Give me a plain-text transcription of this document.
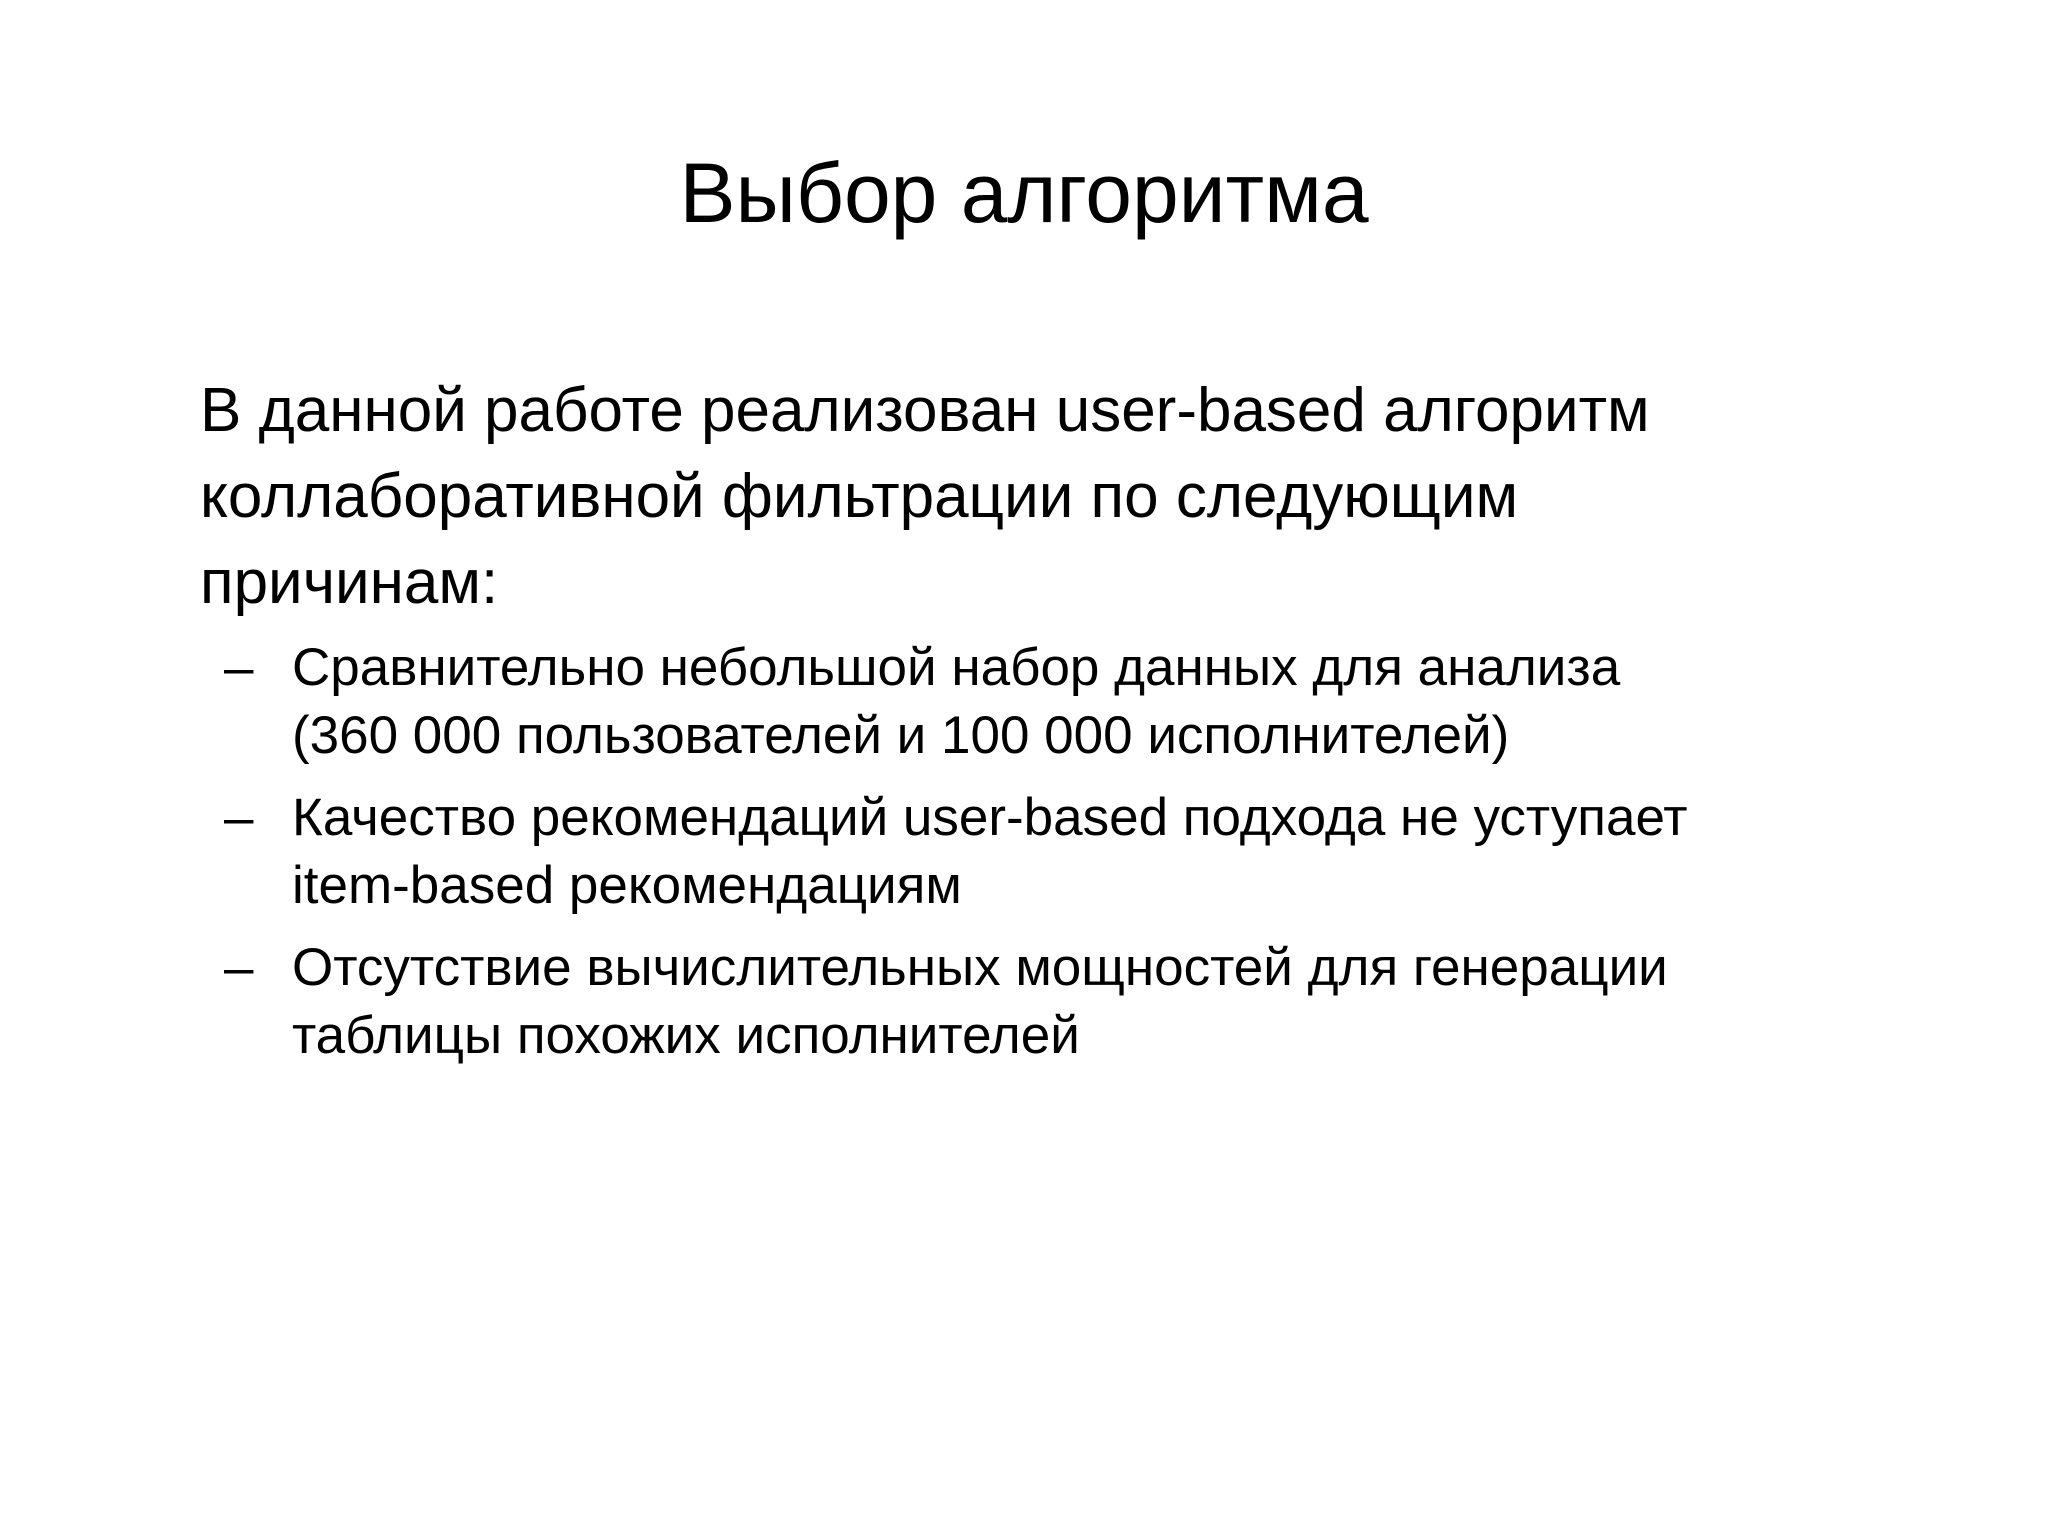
Выбор алгоритма

В данной работе реализован user-based алгоритм
коллаборативной фильтрации по следующим
причинам:

– Сравнительно небольшой набор данных для анализа
(360 000 пользователей и 100 000 исполнителей)
– Качество рекомендаций user-based подхода не уступает
item-based рекомендациям
– Отсутствие вычислительных мощностей для генерации
таблицы похожих исполнителей
